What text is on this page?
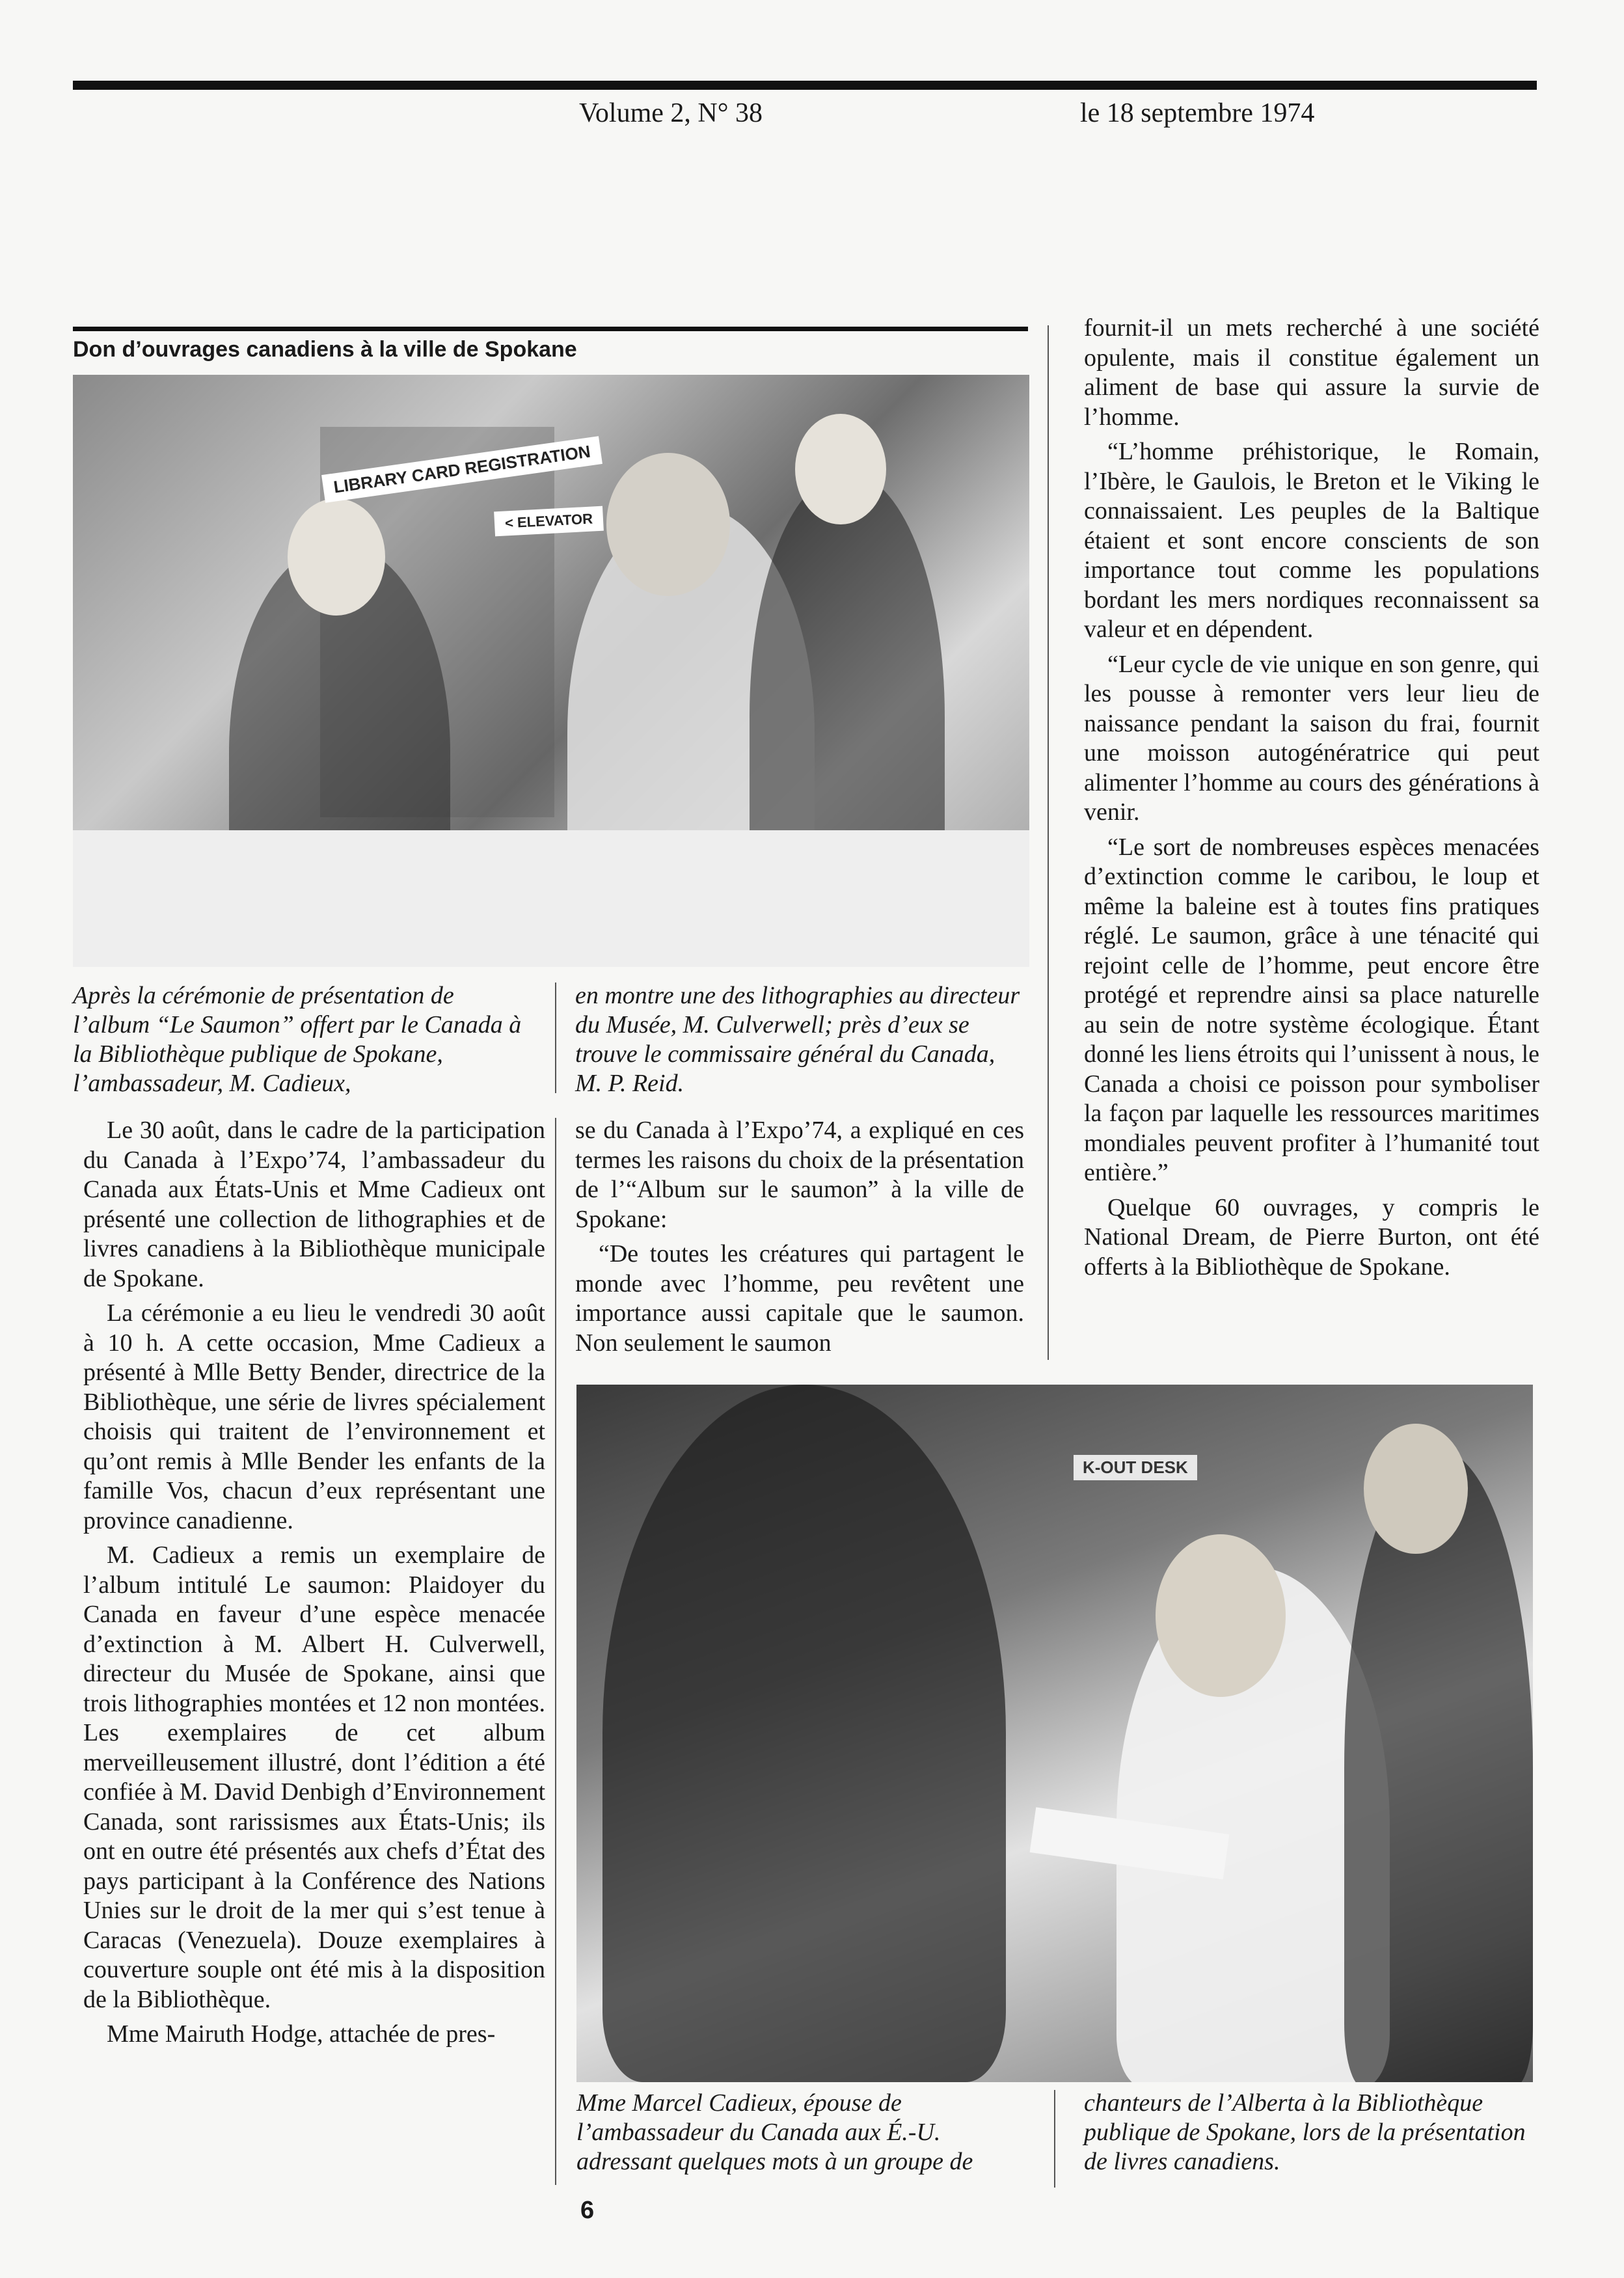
Volume 2, N° 38	le 18 septembre 1974
Don d’ouvrages canadiens à la ville de Spokane
LIBRARY CARD REGISTRATION
< ELEVATOR
Après la cérémonie de présentation de l’album “Le Saumon” offert par le Canada à la Bibliothèque publique de Spokane, l’ambassadeur, M. Cadieux,
en montre une des lithographies au directeur du Musée, M. Culverwell; près d’eux se trouve le commissaire général du Canada, M. P. Reid.

Le 30 août, dans le cadre de la participation du Canada à l’Expo’74, l’ambassadeur du Canada aux États-Unis et Mme Cadieux ont présenté une collection de lithographies et de livres canadiens à la Bibliothèque municipale de Spokane.

La cérémonie a eu lieu le vendredi 30 août à 10 h. A cette occasion, Mme Cadieux a présenté à Mlle Betty Bender, directrice de la Bibliothèque, une série de livres spécialement choisis qui traitent de l’environnement et qu’ont remis à Mlle Bender les enfants de la famille Vos, chacun d’eux représentant une province canadienne.

M. Cadieux a remis un exemplaire de l’album intitulé Le saumon: Plaidoyer du Canada en faveur d’une espèce menacée d’extinction à M. Albert H. Culverwell, directeur du Musée de Spokane, ainsi que trois lithographies montées et 12 non montées. Les exemplaires de cet album merveilleusement illustré, dont l’édition a été confiée à M. David Denbigh d’Environnement Canada, sont rarissismes aux États-Unis; ils ont en outre été présentés aux chefs d’État des pays participant à la Conférence des Nations Unies sur le droit de la mer qui s’est tenue à Caracas (Venezuela). Douze exemplaires à couverture souple ont été mis à la disposition de la Bibliothèque.

Mme Mairuth Hodge, attachée de pres-

se du Canada à l’Expo’74, a expliqué en ces termes les raisons du choix de la présentation de l’“Album sur le saumon” à la ville de Spokane:

“De toutes les créatures qui partagent le monde avec l’homme, peu revêtent une importance aussi capitale que le saumon. Non seulement le saumon

fournit-il un mets recherché à une société opulente, mais il constitue également un aliment de base qui assure la survie de l’homme.

“L’homme préhistorique, le Romain, l’Ibère, le Gaulois, le Breton et le Viking le connaissaient. Les peuples de la Baltique étaient et sont encore conscients de son importance tout comme les populations bordant les mers nordiques reconnaissent sa valeur et en dépendent.

“Leur cycle de vie unique en son genre, qui les pousse à remonter vers leur lieu de naissance pendant la saison du frai, fournit une moisson autogénératrice qui peut alimenter l’homme au cours des générations à venir.

“Le sort de nombreuses espèces menacées d’extinction comme le caribou, le loup et même la baleine est à toutes fins pratiques réglé. Le saumon, grâce à une ténacité qui rejoint celle de l’homme, peut encore être protégé et reprendre ainsi sa place naturelle au sein de notre système écologique. Étant donné les liens étroits qui l’unissent à nous, le Canada a choisi ce poisson pour symboliser la façon par laquelle les ressources maritimes mondiales peuvent profiter à l’humanité tout entière.”

Quelque 60 ouvrages, y compris le National Dream, de Pierre Burton, ont été offerts à la Bibliothèque de Spokane.

K-OUT DESK
Mme Marcel Cadieux, épouse de l’ambassadeur du Canada aux É.-U. adressant quelques mots à un groupe de
chanteurs de l’Alberta à la Bibliothèque publique de Spokane, lors de la présentation de livres canadiens.
6
